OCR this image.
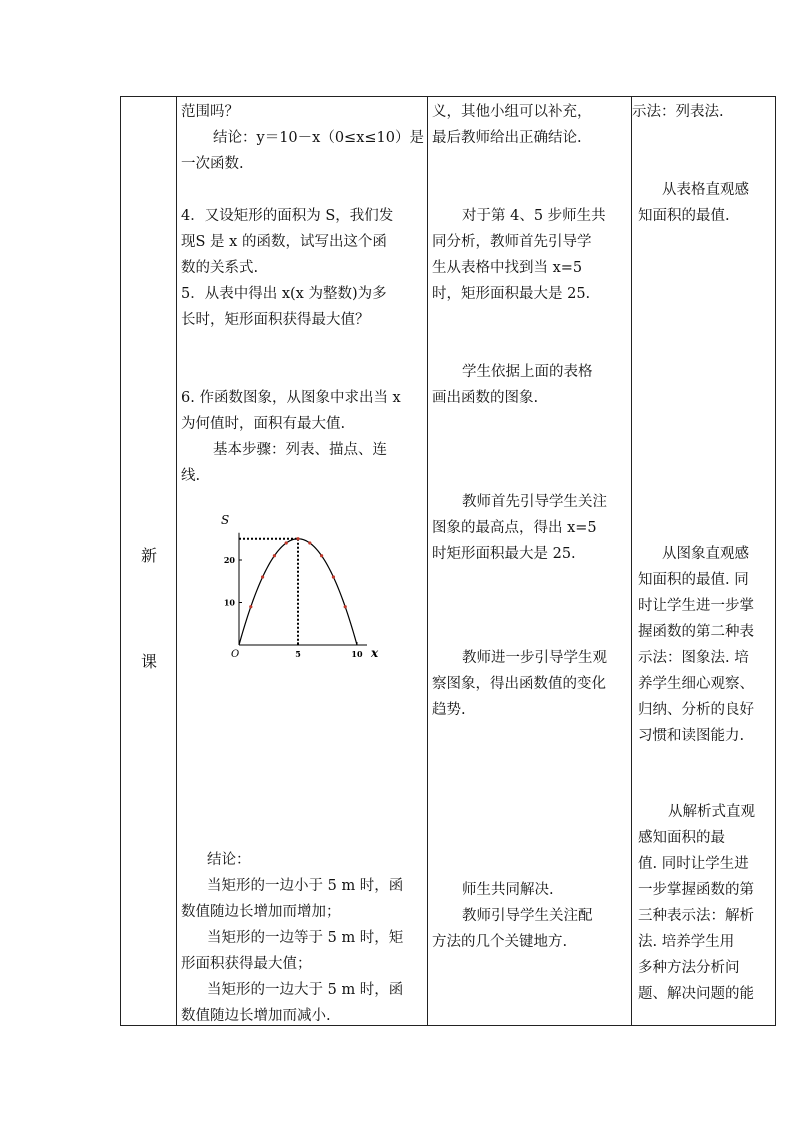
新
课
范围吗？
结论：y＝10－x（0≤x≤10）是
一次函数.
4．又设矩形的面积为 S，我们发
现S 是 x 的函数，试写出这个函
数的关系式.
5．从表中得出 x(x 为整数)为多
长时，矩形面积获得最大值？
6. 作函数图象，从图象中求出当 x
为何值时，面积有最大值.
基本步骤：列表、描点、连
线.
10
20
5	10
S
x
O
结论：
当矩形的一边小于 5 m 时，函
数值随边长增加而增加；
当矩形的一边等于 5 m 时，矩
形面积获得最大值；
当矩形的一边大于 5 m 时，函
数值随边长增加而减小.
义，其他小组可以补充，
最后教师给出正确结论.
对于第 4、5 步师生共
同分析，教师首先引导学
生从表格中找到当 x=5
时，矩形面积最大是 25.
学生依据上面的表格
画出函数的图象.
教师首先引导学生关注
图象的最高点，得出 x=5
时矩形面积最大是 25.
教师进一步引导学生观
察图象，得出函数值的变化
趋势.
师生共同解决.
教师引导学生关注配
方法的几个关键地方.
示法：列表法.
从表格直观感
知面积的最值.
从图象直观感
知面积的最值. 同
时让学生进一步掌
握函数的第二种表
示法：图象法. 培
养学生细心观察、
归纳、分析的良好
习惯和读图能力.
从解析式直观
感知面积的最
值. 同时让学生进
一步掌握函数的第
三种表示法：解析
法. 培养学生用
多种方法分析问
题、解决问题的能
